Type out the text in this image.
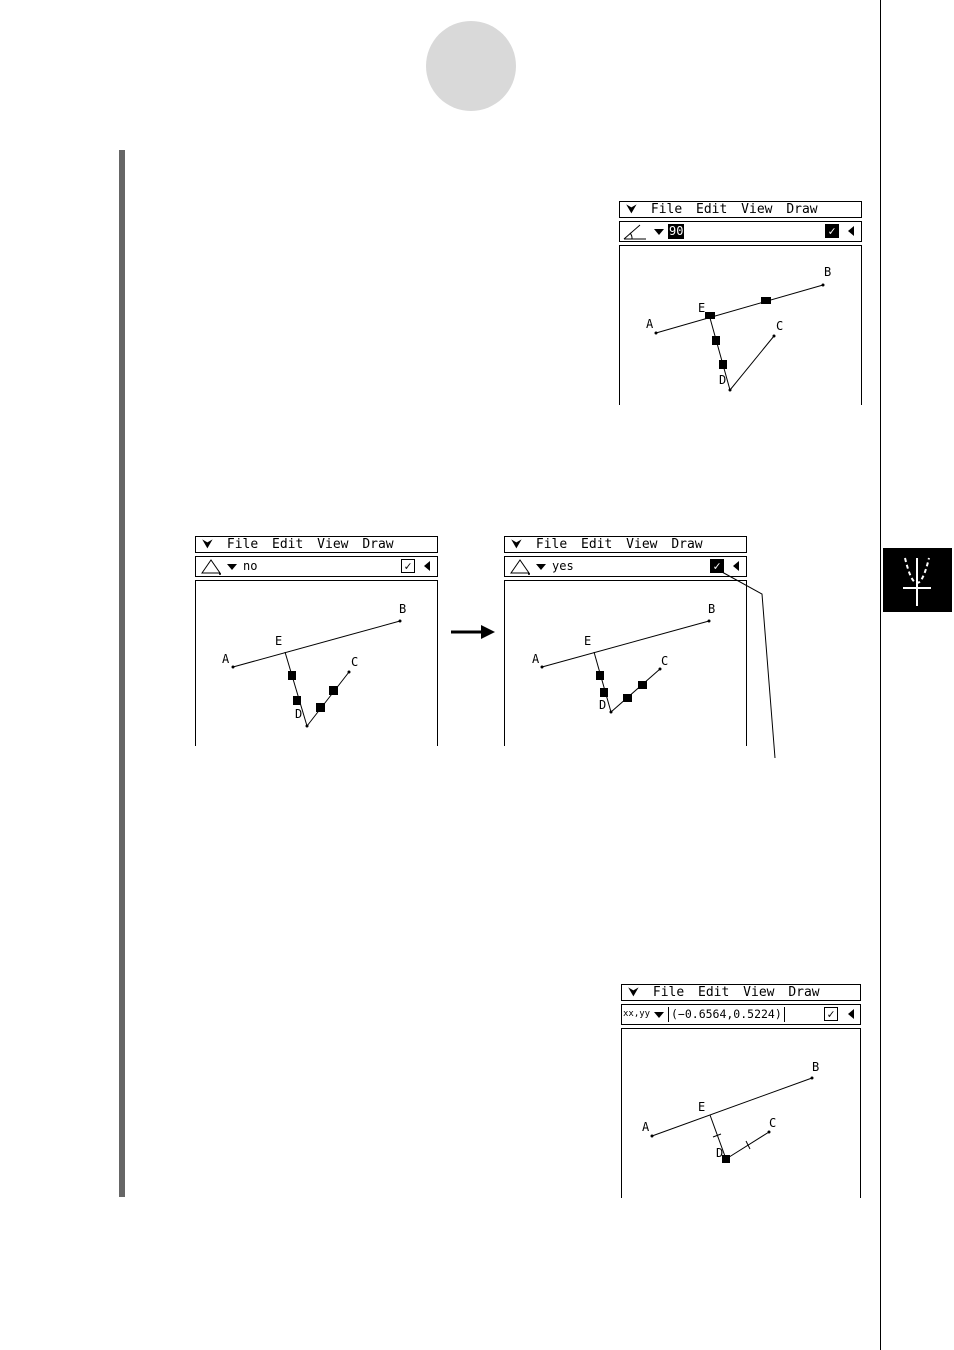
⮟ File Edit View Draw
90	✓
A
B
C
D
E
⮟ File Edit View Draw
no	✓
A
B
C
D
E
⮟ File Edit View Draw
yes	✓
A
B
C
D
E
⮟ File Edit View Draw
xx,yy (−0.6564,0.5224)	✓
A
B
C
D
E
